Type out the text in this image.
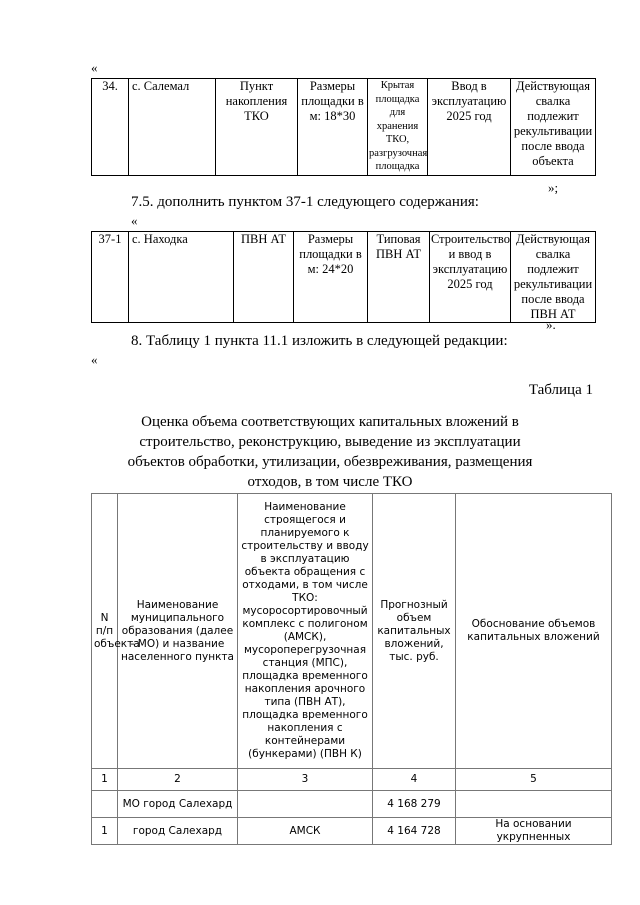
«
34.	с. Салемал	Пункт накопления ТКО	Размеры площадки в м: 18*30	Крытая площадка для хранения ТКО, разгрузочная площадка	Ввод в эксплуатацию 2025 год	Действующая свалка подлежит рекультивации после ввода объекта
»;
7.5. дополнить пунктом 37-1 следующего содержания:
«
37-1	с. Находка	ПВН АТ	Размеры площадки в м: 24*20	Типовая ПВН АТ	Строительство и ввод в эксплуатацию 2025 год	Действующая свалка подлежит рекультивации после ввода ПВН АТ
».
8. Таблицу 1 пункта 11.1 изложить в следующей редакции:
«
Таблица 1
Оценка объема соответствующих капитальных вложений в строительство, реконструкцию, выведение из эксплуатации объектов обработки, утилизации, обезвреживания, размещения отходов, в том числе ТКО
N п/п объекта	Наименование муниципального образования (далее - МО) и название населенного пункта	Наименование строящегося и планируемого к строительству и вводу в эксплуатацию объекта обращения с отходами, в том числе ТКО: мусоросортировочный комплекс с полигоном (АМСК), мусороперегрузочная станция (МПС), площадка временного накопления арочного типа (ПВН АТ), площадка временного накопления с контейнерами (бункерами) (ПВН К)	Прогнозный объем капитальных вложений, тыс. руб.	Обоснование объемов капитальных вложений
1	2	3	4	5
	МО город Салехард		4 168 279	
1	город Салехард	АМСК	4 164 728	На основании укрупненных
